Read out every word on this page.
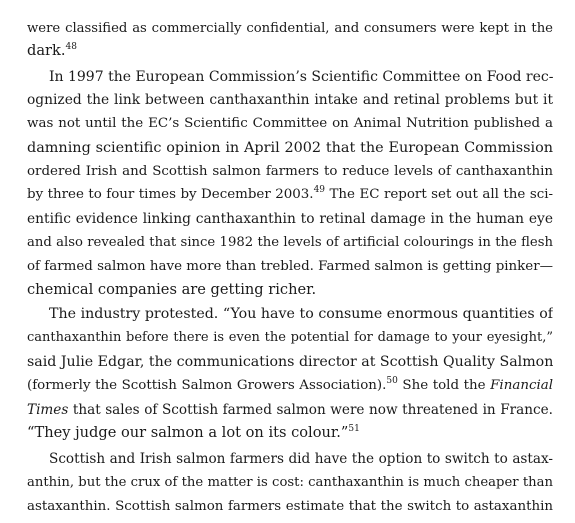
were classified as commercially confidential, and consumers were kept in the
dark.$^{48}$
In 1997 the European Commission’s Scientific Committee on Food rec-
ognized the link between canthaxanthin intake and retinal problems but it
was not until the EC’s Scientific Committee on Animal Nutrition published a
damning scientific opinion in April 2002 that the European Commission
ordered Irish and Scottish salmon farmers to reduce levels of canthaxanthin
by three to four times by December 2003.49 The EC report set out all the sci-
entific evidence linking canthaxanthin to retinal damage in the human eye
and also revealed that since 1982 the levels of artificial colourings in the flesh
of farmed salmon have more than trebled. Farmed salmon is getting pinker—
chemical companies are getting richer.
The industry protested. “You have to consume enormous quantities of
canthaxanthin before there is even the potential for damage to your eyesight,”
said Julie Edgar, the communications director at Scottish Quality Salmon
(formerly the Scottish Salmon Growers Association).$^{50}$ She told the Financial
Times that sales of Scottish farmed salmon were now threatened in France.
“They judge our salmon a lot on its colour.”$^{51}$
Scottish and Irish salmon farmers did have the option to switch to astax-
anthin, but the crux of the matter is cost: canthaxanthin is much cheaper than
astaxanthin. Scottish salmon farmers estimate that the switch to astaxanthin
